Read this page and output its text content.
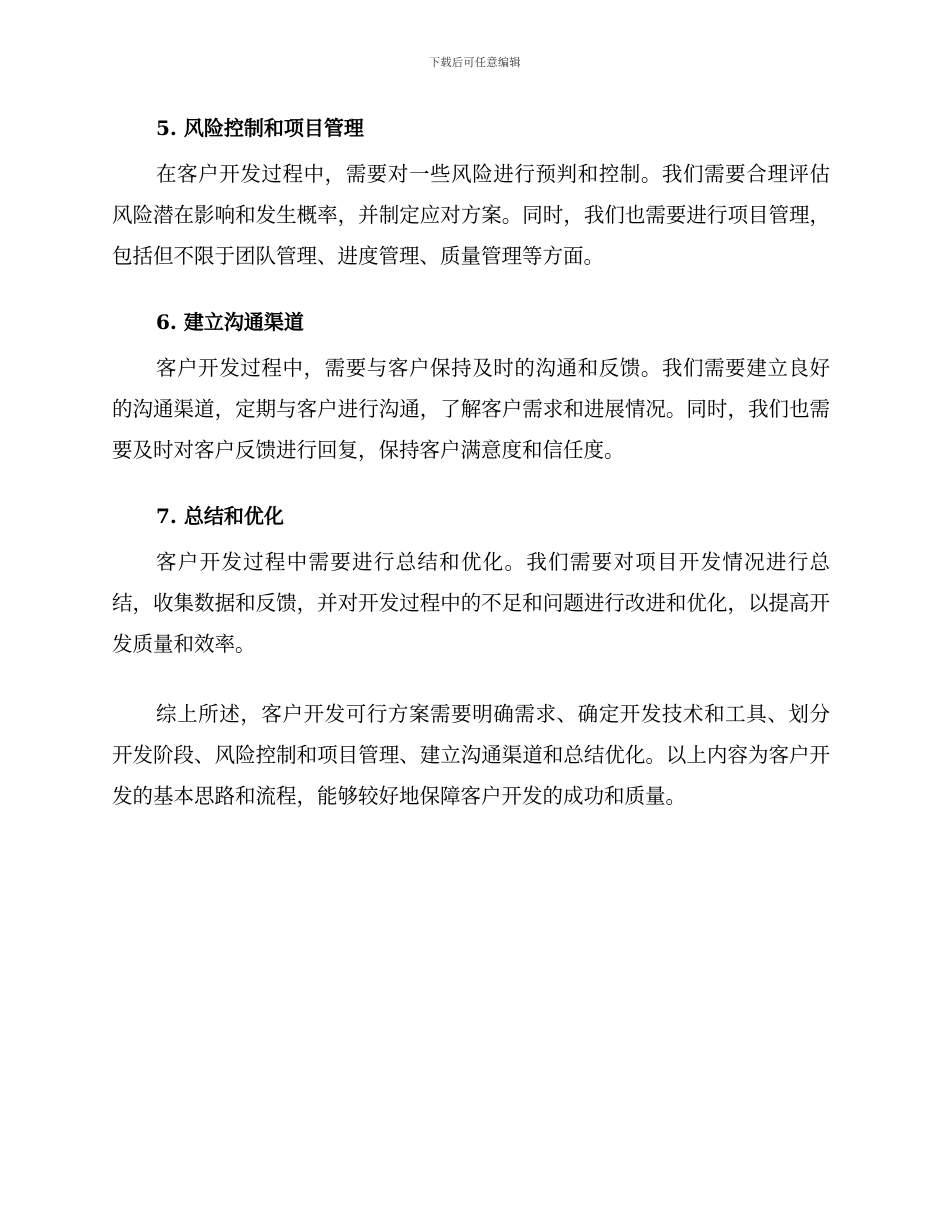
下载后可任意编辑
5. 风险控制和项目管理

在客户开发过程中，需要对一些风险进行预判和控制。我们需要合理评估风险潜在影响和发生概率，并制定应对方案。同时，我们也需要进行项目管理，包括但不限于团队管理、进度管理、质量管理等方面。

6. 建立沟通渠道

客户开发过程中，需要与客户保持及时的沟通和反馈。我们需要建立良好的沟通渠道，定期与客户进行沟通，了解客户需求和进展情况。同时，我们也需要及时对客户反馈进行回复，保持客户满意度和信任度。

7. 总结和优化

客户开发过程中需要进行总结和优化。我们需要对项目开发情况进行总结，收集数据和反馈，并对开发过程中的不足和问题进行改进和优化，以提高开发质量和效率。

综上所述，客户开发可行方案需要明确需求、确定开发技术和工具、划分开发阶段、风险控制和项目管理、建立沟通渠道和总结优化。以上内容为客户开发的基本思路和流程，能够较好地保障客户开发的成功和质量。
